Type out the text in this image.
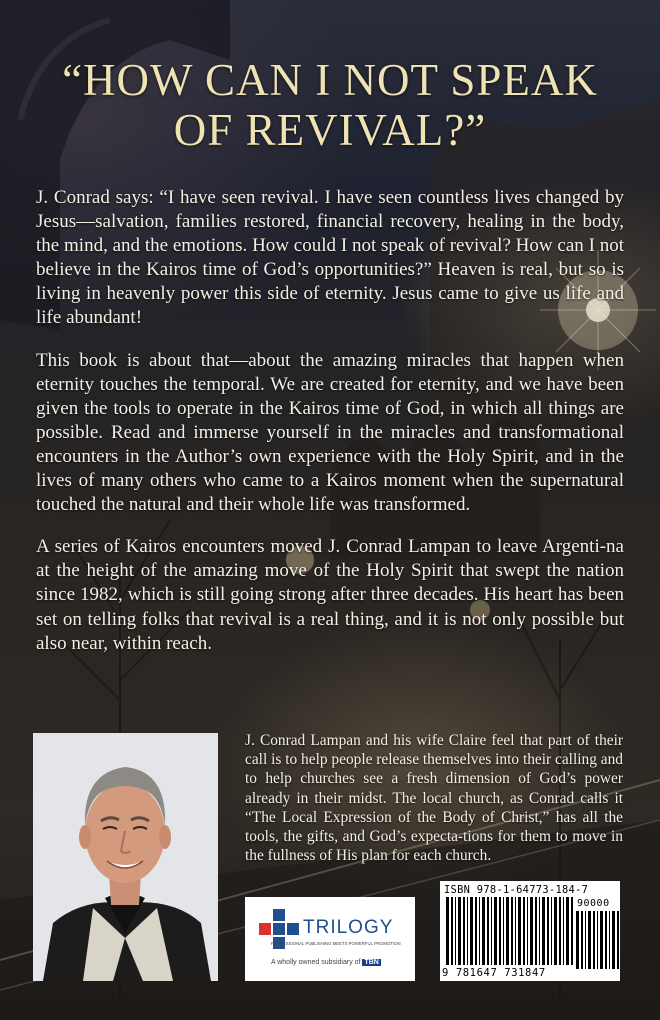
“HOW CAN I NOT SPEAK OF REVIVAL?”

J. Conrad says: “I have seen revival. I have seen countless lives changed by Jesus—salvation, families restored, financial recovery, healing in the body, the mind, and the emotions. How could I not speak of revival? How can I not believe in the Kairos time of God’s opportunities?” Heaven is real, but so is living in heavenly power this side of eternity. Jesus came to give us life and life abundant!

This book is about that—about the amazing miracles that happen when eternity touches the temporal. We are created for eternity, and we have been given the tools to operate in the Kairos time of God, in which all things are possible. Read and immerse yourself in the miracles and transformational encounters in the Author’s own experience with the Holy Spirit, and in the lives of many others who came to a Kairos moment when the supernatural touched the natural and their whole life was transformed.

A series of Kairos encounters moved J. Conrad Lampan to leave Argenti-na at the height of the amazing move of the Holy Spirit that swept the nation since 1982, which is still going strong after three decades. His heart has been set on telling folks that revival is a real thing, and it is not only possible but also near, within reach.

J. Conrad Lampan and his wife Claire feel that part of their call is to help people release themselves into their calling and to help churches see a fresh dimension of God’s power already in their midst. The local church, as Conrad calls it “The Local Expression of the Body of Christ,” has all the tools, the gifts, and God’s expecta-tions for them to move in the fullness of His plan for each church.
TRILOGY
PROFESSIONAL PUBLISHING MEETS POWERFUL PROMOTION
A wholly owned subsidiary of TBN
ISBN 978-1-64773-184-7
90000
9 781647 731847
